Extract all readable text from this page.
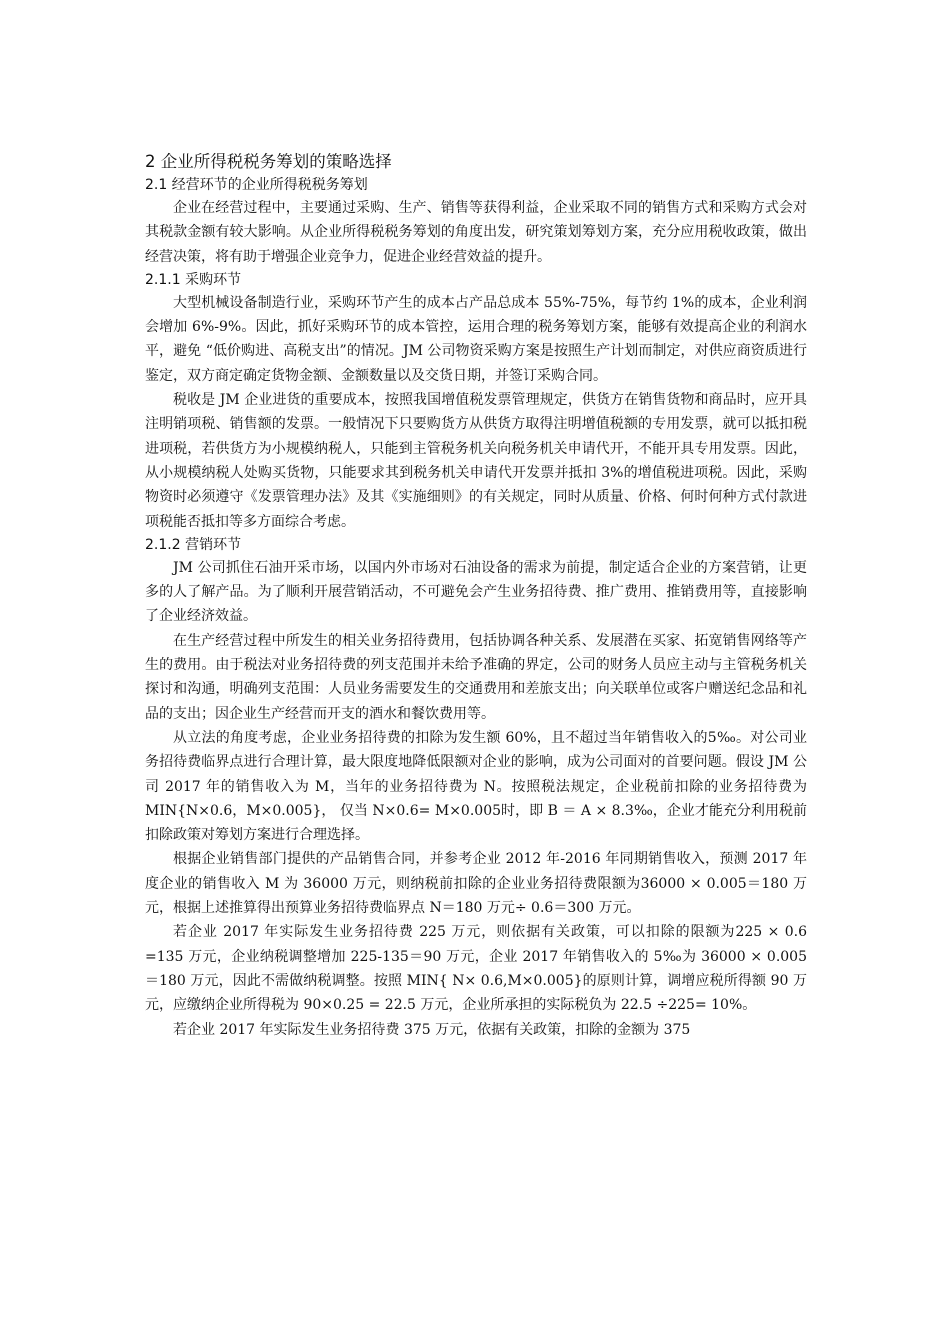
2 企业所得税税务筹划的策略选择
2.1 经营环节的企业所得税税务筹划

企业在经营过程中，主要通过采购、生产、销售等获得利益，企业采取不同的销售方式和采购方式会对其税款金额有较大影响。从企业所得税税务筹划的角度出发，研究策划筹划方案，充分应用税收政策，做出经营决策，将有助于增强企业竞争力，促进企业经营效益的提升。

2.1.1 采购环节

大型机械设备制造行业，采购环节产生的成本占产品总成本 55%-75%，每节约 1%的成本，企业利润会增加 6%-9%。因此，抓好采购环节的成本管控，运用合理的税务筹划方案，能够有效提高企业的利润水平，避免 “低价购进、高税支出”的情况。JM 公司物资采购方案是按照生产计划而制定，对供应商资质进行鉴定，双方商定确定货物金额、金额数量以及交货日期，并签订采购合同。

税收是 JM 企业进货的重要成本，按照我国增值税发票管理规定，供货方在销售货物和商品时，应开具注明销项税、销售额的发票。一般情况下只要购货方从供货方取得注明增值税额的专用发票，就可以抵扣税进项税，若供货方为小规模纳税人，只能到主管税务机关向税务机关申请代开，不能开具专用发票。因此，从小规模纳税人处购买货物，只能要求其到税务机关申请代开发票并抵扣 3%的增值税进项税。因此，采购物资时必须遵守《发票管理办法》及其《实施细则》的有关规定，同时从质量、价格、何时何种方式付款进项税能否抵扣等多方面综合考虑。

2.1.2 营销环节

JM 公司抓住石油开采市场，以国内外市场对石油设备的需求为前提，制定适合企业的方案营销，让更多的人了解产品。为了顺利开展营销活动，不可避免会产生业务招待费、推广费用、推销费用等，直接影响了企业经济效益。

在生产经营过程中所发生的相关业务招待费用，包括协调各种关系、发展潜在买家、拓宽销售网络等产生的费用。由于税法对业务招待费的列支范围并未给予准确的界定，公司的财务人员应主动与主管税务机关探讨和沟通，明确列支范围：人员业务需要发生的交通费用和差旅支出；向关联单位或客户赠送纪念品和礼品的支出；因企业生产经营而开支的酒水和餐饮费用等。

从立法的角度考虑，企业业务招待费的扣除为发生额 60%，且不超过当年销售收入的5‰。对公司业务招待费临界点进行合理计算，最大限度地降低限额对企业的影响，成为公司面对的首要问题。假设 JM 公司 2017 年的销售收入为 M，当年的业务招待费为 N。按照税法规定，企业税前扣除的业务招待费为 MIN{N×0.6，M×0.005}， 仅当 N×0.6= M×0.005时，即 B ＝ A × 8.3‰，企业才能充分利用税前扣除政策对筹划方案进行合理选择。

根据企业销售部门提供的产品销售合同，并参考企业 2012 年-2016 年同期销售收入，预测 2017 年度企业的销售收入 M 为 36000 万元，则纳税前扣除的企业业务招待费限额为36000 × 0.005＝180 万元，根据上述推算得出预算业务招待费临界点 N＝180 万元÷ 0.6＝300 万元。

若企业 2017 年实际发生业务招待费 225 万元，则依据有关政策，可以扣除的限额为225 × 0.6 =135 万元，企业纳税调整增加 225-135＝90 万元，企业 2017 年销售收入的 5‰为 36000 × 0.005＝180 万元，因此不需做纳税调整。按照 MIN{ N× 0.6,M×0.005}的原则计算，调增应税所得额 90 万元，应缴纳企业所得税为 90×0.25 = 22.5 万元，企业所承担的实际税负为 22.5 ÷225= 10%。

若企业 2017 年实际发生业务招待费 375 万元，依据有关政策，扣除的金额为 375
